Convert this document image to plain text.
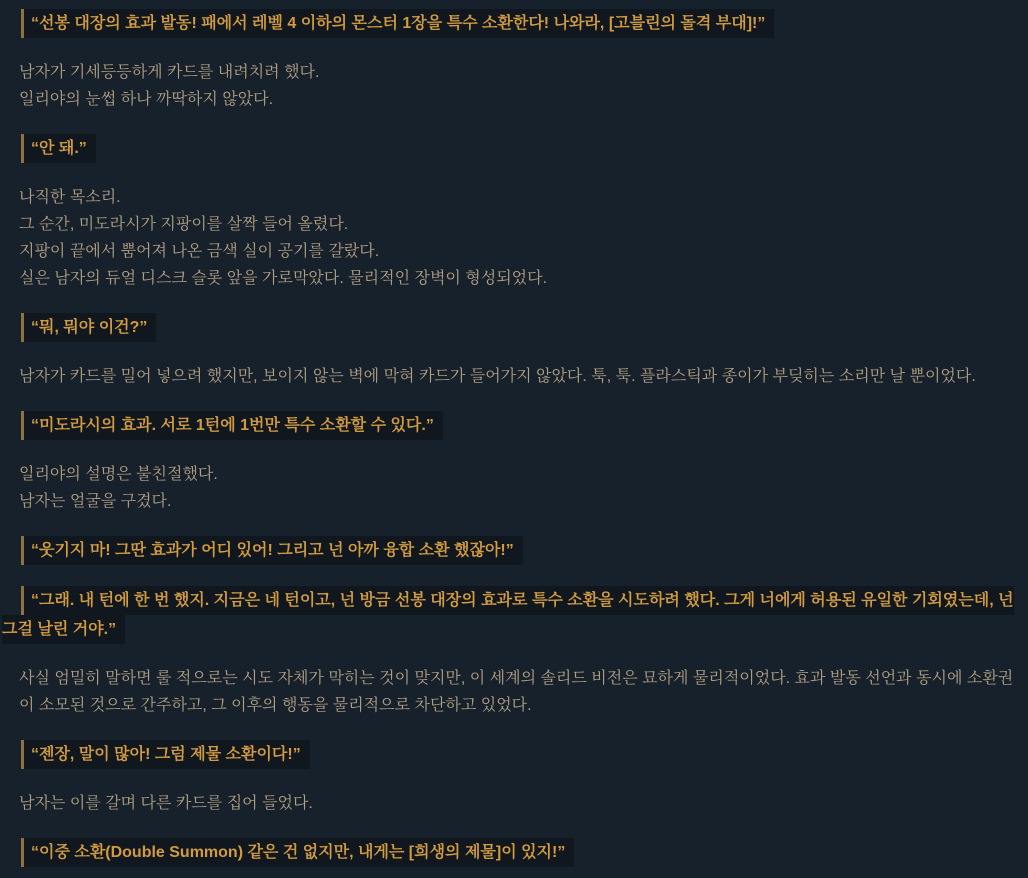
“선봉 대장의 효과 발동! 패에서 레벨 4 이하의 몬스터 1장을 특수 소환한다! 나와라, [고블린의 돌격 부대]!”

남자가 기세등등하게 카드를 내려치려 했다.

일리야의 눈썹 하나 까딱하지 않았다.

“안 돼.”

나직한 목소리.

그 순간, 미도라시가 지팡이를 살짝 들어 올렸다.

지팡이 끝에서 뿜어져 나온 금색 실이 공기를 갈랐다.

실은 남자의 듀얼 디스크 슬롯 앞을 가로막았다. 물리적인 장벽이 형성되었다.

“뭐, 뭐야 이건?”

남자가 카드를 밀어 넣으려 했지만, 보이지 않는 벽에 막혀 카드가 들어가지 않았다. 툭, 툭. 플라스틱과 종이가 부딪히는 소리만 날 뿐이었다.

“미도라시의 효과. 서로 1턴에 1번만 특수 소환할 수 있다.”

일리야의 설명은 불친절했다.

남자는 얼굴을 구겼다.

“웃기지 마! 그딴 효과가 어디 있어! 그리고 넌 아까 융합 소환 했잖아!”

“그래. 내 턴에 한 번 했지. 지금은 네 턴이고, 넌 방금 선봉 대장의 효과로 특수 소환을 시도하려 했다. 그게 너에게 허용된 유일한 기회였는데, 넌 그걸 날린 거야.”

사실 엄밀히 말하면 룰 적으로는 시도 자체가 막히는 것이 맞지만, 이 세계의 솔리드 비전은 묘하게 물리적이었다. 효과 발동 선언과 동시에 소환권이 소모된 것으로 간주하고, 그 이후의 행동을 물리적으로 차단하고 있었다.

“젠장, 말이 많아! 그럼 제물 소환이다!”

남자는 이를 갈며 다른 카드를 집어 들었다.

“이중 소환(Double Summon) 같은 건 없지만, 내게는 [희생의 제물]이 있지!”
